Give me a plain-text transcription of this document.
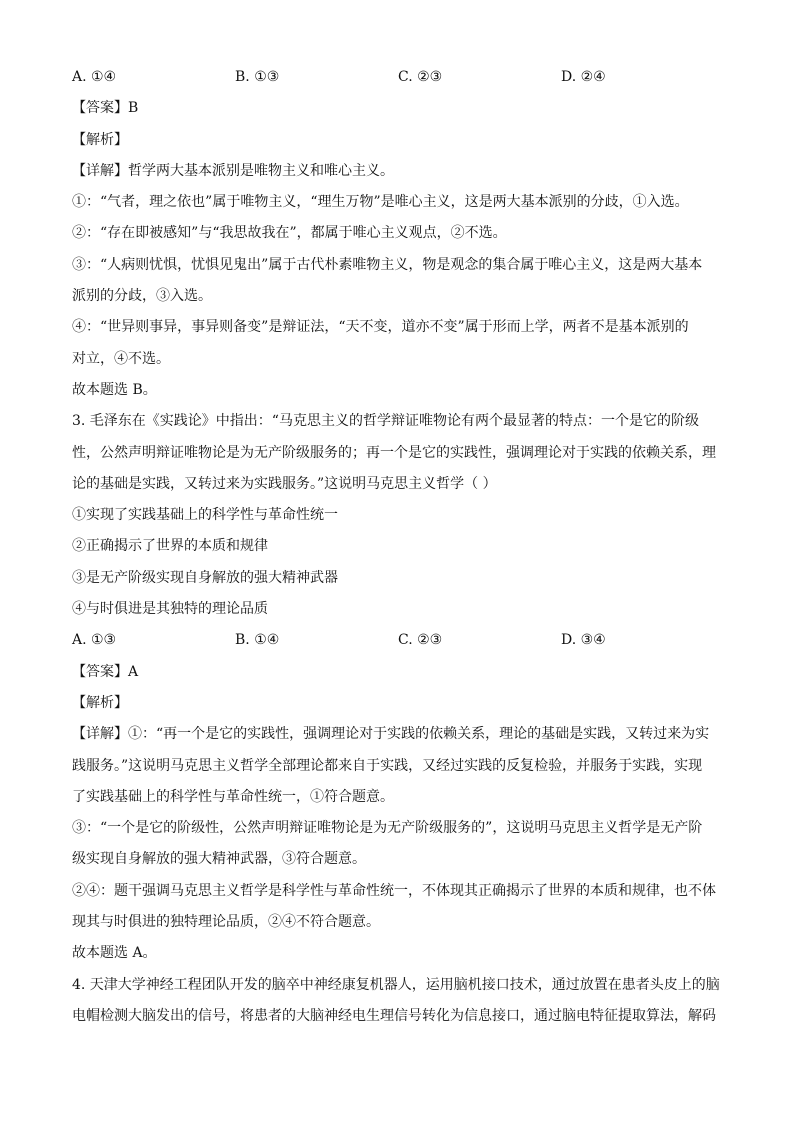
A. ①④	B. ①③	C. ②③	D. ②④
【答案】B
【解析】
【详解】哲学两大基本派别是唯物主义和唯心主义。
①：“气者，理之依也”属于唯物主义，“理生万物”是唯心主义，这是两大基本派别的分歧，①入选。
②：“存在即被感知”与“我思故我在”，都属于唯心主义观点，②不选。
③：“人病则忧惧，忧惧见鬼出”属于古代朴素唯物主义，物是观念的集合属于唯心主义，这是两大基本
派别的分歧，③入选。
④：“世异则事异，事异则备变”是辩证法，“天不变，道亦不变”属于形而上学，两者不是基本派别的
对立，④不选。
故本题选 B。
3. 毛泽东在《实践论》中指出：“马克思主义的哲学辩证唯物论有两个最显著的特点：一个是它的阶级
性，公然声明辩证唯物论是为无产阶级服务的；再一个是它的实践性，强调理论对于实践的依赖关系，理
论的基础是实践，又转过来为实践服务。”这说明马克思主义哲学（ ）
①实现了实践基础上的科学性与革命性统一
②正确揭示了世界的本质和规律
③是无产阶级实现自身解放的强大精神武器
④与时俱进是其独特的理论品质
A. ①③	B. ①④	C. ②③	D. ③④
【答案】A
【解析】
【详解】①：“再一个是它的实践性，强调理论对于实践的依赖关系，理论的基础是实践，又转过来为实
践服务。”这说明马克思主义哲学全部理论都来自于实践，又经过实践的反复检验，并服务于实践，实现
了实践基础上的科学性与革命性统一，①符合题意。
③：“一个是它的阶级性，公然声明辩证唯物论是为无产阶级服务的”，这说明马克思主义哲学是无产阶
级实现自身解放的强大精神武器，③符合题意。
②④：题干强调马克思主义哲学是科学性与革命性统一，不体现其正确揭示了世界的本质和规律，也不体
现其与时俱进的独特理论品质，②④不符合题意。
故本题选 A。
4. 天津大学神经工程团队开发的脑卒中神经康复机器人，运用脑机接口技术，通过放置在患者头皮上的脑
电帽检测大脑发出的信号，将患者的大脑神经电生理信号转化为信息接口，通过脑电特征提取算法，解码
